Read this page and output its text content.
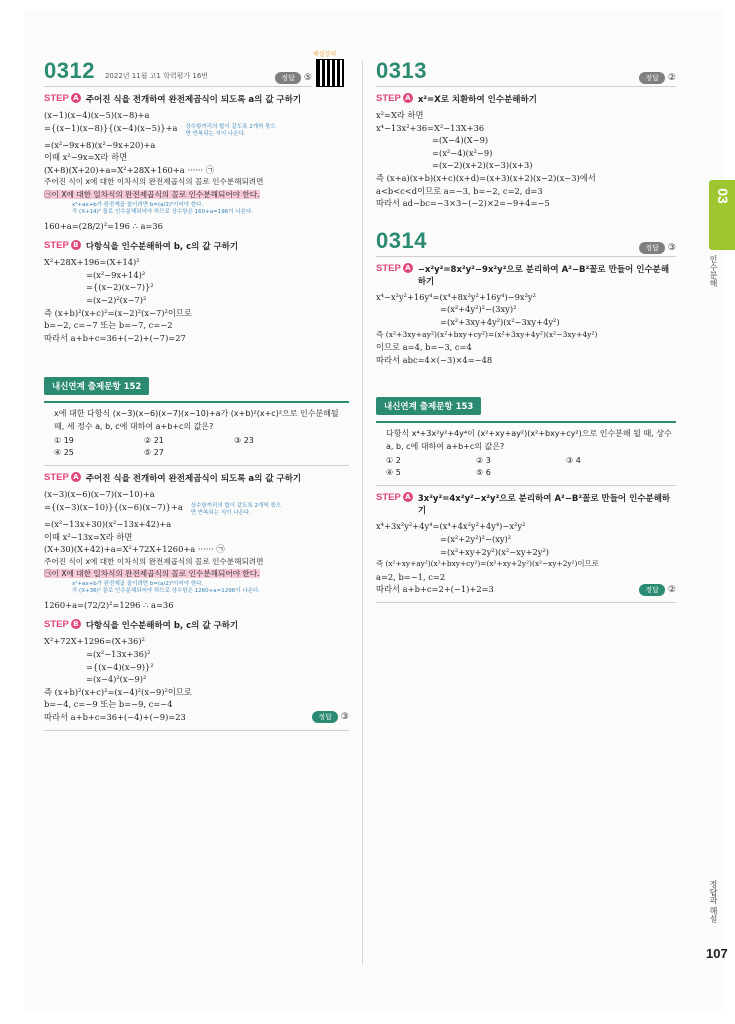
해설강의
03
인수분해
정답과 해설
107
0312 2022년 11월 고1 학력평가 16번	정답 ⑤
STEP A 주어진 식을 전개하여 완전제곱식이 되도록 a의 값 구하기
(x−1)(x−4)(x−5)(x−8)+a
={(x−1)(x−8)}{(x−4)(x−5)}+a 상수항끼리의 합이 같도록 2개씩 묶으면 반복되는 식이 나온다.
=(x²−9x+8)(x²−9x+20)+a
이때 x²−9x=X라 하면
(X+8)(X+20)+a=X²+28X+160+a ······ ㉠
주어진 식이 x에 대한 이차식의 완전제곱식의 꼴로 인수분해되려면
㉠이 X에 대한 일차식의 완전제곱식의 꼴로 인수분해되어야 한다.
x²+ax+b가 완전제곱 꼴이려면 b=(a/2)²이어야 한다.
즉 (X+14)² 꼴로 인수분해되어야 하므로 상수항은 160+a=196이 나온다.
160+a=(28/2)²=196 ∴ a=36
STEP B 다항식을 인수분해하여 b, c의 값 구하기
X²+28X+196=(X+14)²
=(x²−9x+14)²
={(x−2)(x−7)}²
=(x−2)²(x−7)²
즉 (x+b)²(x+c)²=(x−2)²(x−7)²이므로
b=−2, c=−7 또는 b=−7, c=−2
따라서 a+b+c=36+(−2)+(−7)=27
내신연계 출제문항 152
x에 대한 다항식 (x−3)(x−6)(x−7)(x−10)+a가 (x+b)²(x+c)²으로 인수분해될 때, 세 정수 a, b, c에 대하여 a+b+c의 값은?
① 19	② 21	③ 23
④ 25	⑤ 27
STEP A 주어진 식을 전개하여 완전제곱식이 되도록 a의 값 구하기
(x−3)(x−6)(x−7)(x−10)+a
={(x−3)(x−10)}{(x−6)(x−7)}+a 상수항끼리의 합이 같도록 2개씩 묶으면 반복되는 식이 나온다.
=(x²−13x+30)(x²−13x+42)+a
이때 x²−13x=X라 하면
(X+30)(X+42)+a=X²+72X+1260+a ······ ㉠
주어진 식이 x에 대한 이차식의 완전제곱식의 꼴로 인수분해되려면
㉠이 X에 대한 일차식의 완전제곱식의 꼴로 인수분해되어야 한다.
x²+ax+b가 완전제곱 꼴이려면 b=(a/2)²이어야 한다.
즉 (X+36)² 꼴로 인수분해되어야 하므로 상수항은 1260+a=1296이 나온다.
1260+a=(72/2)²=1296 ∴ a=36
STEP B 다항식을 인수분해하여 b, c의 값 구하기
X²+72X+1296=(X+36)²
=(x²−13x+36)²
={(x−4)(x−9)}²
=(x−4)²(x−9)²
즉 (x+b)²(x+c)²=(x−4)²(x−9)²이므로
b=−4, c=−9 또는 b=−9, c=−4
따라서 a+b+c=36+(−4)+(−9)=23	정답	③
0313	정답 ②
STEP A x²=X로 치환하여 인수분해하기
x²=X라 하면
x⁴−13x²+36=X²−13X+36
=(X−4)(X−9)
=(x²−4)(x²−9)
=(x−2)(x+2)(x−3)(x+3)
즉 (x+a)(x+b)(x+c)(x+d)=(x+3)(x+2)(x−2)(x−3)에서
a<b<c<d이므로 a=−3, b=−2, c=2, d=3
따라서 ad−bc=−3×3−(−2)×2=−9+4=−5
0314	정답 ③
STEP A −x²y²=8x²y²−9x²y²으로 분리하여 A²−B²꼴로 만들어 인수분해하기
x⁴−x²y²+16y⁴=(x⁴+8x²y²+16y⁴)−9x²y²
=(x²+4y²)²−(3xy)²
=(x²+3xy+4y²)(x²−3xy+4y²)
즉 (x²+3xy+ay²)(x²+bxy+cy²)=(x²+3xy+4y²)(x²−3xy+4y²)
이므로 a=4, b=−3, c=4
따라서 abc=4×(−3)×4=−48
내신연계 출제문항 153
다항식 x⁴+3x²y²+4y⁴이 (x²+xy+ay²)(x²+bxy+cy²)으로 인수분해 될 때, 상수 a, b, c에 대하여 a+b+c의 값은?
① 2	② 3	③ 4
④ 5	⑤ 6
STEP A 3x²y²=4x²y²−x²y²으로 분리하여 A²−B²꼴로 만들어 인수분해하기
x⁴+3x²y²+4y⁴=(x⁴+4x²y²+4y⁴)−x²y²
=(x²+2y²)²−(xy)²
=(x²+xy+2y²)(x²−xy+2y²)
즉 (x²+xy+ay²)(x²+bxy+cy²)=(x²+xy+2y²)(x²−xy+2y²)이므로
a=2, b=−1, c=2
따라서 a+b+c=2+(−1)+2=3	정답	②
